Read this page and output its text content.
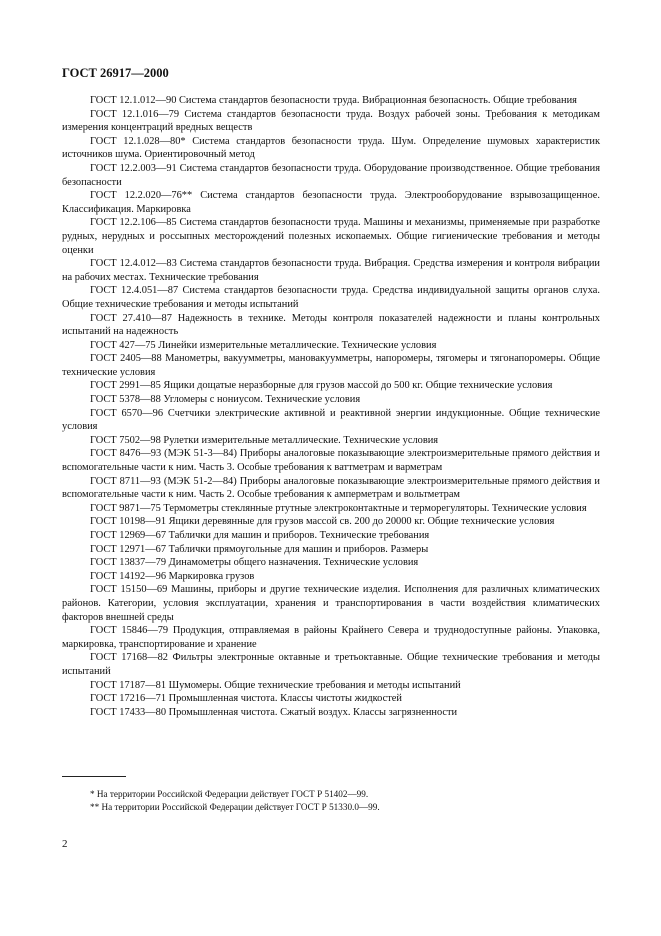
ГОСТ 26917—2000

ГОСТ 12.1.012—90 Система стандартов безопасности труда. Вибрационная безопасность. Общие требования

ГОСТ 12.1.016—79 Система стандартов безопасности труда. Воздух рабочей зоны. Требования к методикам измерения концентраций вредных веществ

ГОСТ 12.1.028—80* Система стандартов безопасности труда. Шум. Определение шумовых характеристик источников шума. Ориентировочный метод

ГОСТ 12.2.003—91 Система стандартов безопасности труда. Оборудование производственное. Общие требования безопасности

ГОСТ 12.2.020—76** Система стандартов безопасности труда. Электрооборудование взрывозащищенное. Классификация. Маркировка

ГОСТ 12.2.106—85 Система стандартов безопасности труда. Машины и механизмы, применяемые при разработке рудных, нерудных и россыпных месторождений полезных ископаемых. Общие гигиенические требования и методы оценки

ГОСТ 12.4.012—83 Система стандартов безопасности труда. Вибрация. Средства измерения и контроля вибрации на рабочих местах. Технические требования

ГОСТ 12.4.051—87 Система стандартов безопасности труда. Средства индивидуальной защиты органов слуха. Общие технические требования и методы испытаний

ГОСТ 27.410—87 Надежность в технике. Методы контроля показателей надежности и планы контрольных испытаний на надежность

ГОСТ 427—75 Линейки измерительные металлические. Технические условия

ГОСТ 2405—88 Манометры, вакуумметры, мановакуумметры, напоромеры, тягомеры и тягонапоромеры. Общие технические условия

ГОСТ 2991—85 Ящики дощатые неразборные для грузов массой до 500 кг. Общие технические условия

ГОСТ 5378—88 Угломеры с нониусом. Технические условия

ГОСТ 6570—96 Счетчики электрические активной и реактивной энергии индукционные. Общие технические условия

ГОСТ 7502—98 Рулетки измерительные металлические. Технические условия

ГОСТ 8476—93 (МЭК 51-3—84) Приборы аналоговые показывающие электроизмерительные прямого действия и вспомогательные части к ним. Часть 3. Особые требования к ваттметрам и варметрам

ГОСТ 8711—93 (МЭК 51-2—84) Приборы аналоговые показывающие электроизмерительные прямого действия и вспомогательные части к ним. Часть 2. Особые требования к амперметрам и вольтметрам

ГОСТ 9871—75 Термометры стеклянные ртутные электроконтактные и терморегуляторы. Технические условия

ГОСТ 10198—91 Ящики деревянные для грузов массой св. 200 до 20000 кг. Общие технические условия

ГОСТ 12969—67 Таблички для машин и приборов. Технические требования

ГОСТ 12971—67 Таблички прямоугольные для машин и приборов. Размеры

ГОСТ 13837—79 Динамометры общего назначения. Технические условия

ГОСТ 14192—96 Маркировка грузов

ГОСТ 15150—69 Машины, приборы и другие технические изделия. Исполнения для различных климатических районов. Категории, условия эксплуатации, хранения и транспортирования в части воздействия климатических факторов внешней среды

ГОСТ 15846—79 Продукция, отправляемая в районы Крайнего Севера и труднодоступные районы. Упаковка, маркировка, транспортирование и хранение

ГОСТ 17168—82 Фильтры электронные октавные и третьоктавные. Общие технические требования и методы испытаний

ГОСТ 17187—81 Шумомеры. Общие технические требования и методы испытаний

ГОСТ 17216—71 Промышленная чистота. Классы чистоты жидкостей

ГОСТ 17433—80 Промышленная чистота. Сжатый воздух. Классы загрязненности

* На территории Российской Федерации действует ГОСТ Р 51402—99.

** На территории Российской Федерации действует ГОСТ Р 51330.0—99.

2
